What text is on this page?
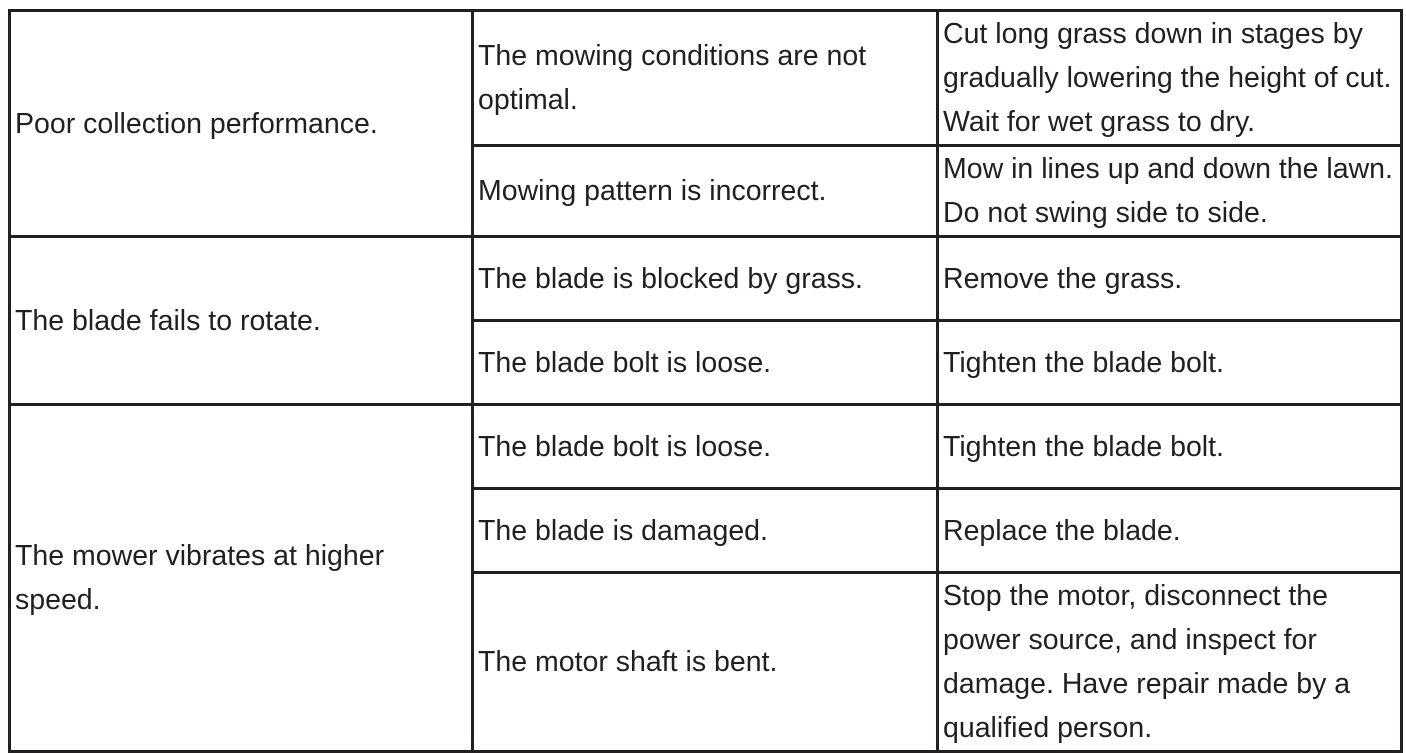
Poor collection performance.	The mowing conditions are not optimal.	Cut long grass down in stages by gradually lowering the height of cut. Wait for wet grass to dry.
	Mowing pattern is incorrect.	Mow in lines up and down the lawn. Do not swing side to side.
The blade fails to rotate.	The blade is blocked by grass.	Remove the grass.
	The blade bolt is loose.	Tighten the blade bolt.
The mower vibrates at higher speed.	The blade bolt is loose.	Tighten the blade bolt.
	The blade is damaged.	Replace the blade.
	The motor shaft is bent.	Stop the motor, disconnect the power source, and inspect for damage. Have repair made by a qualified person.
